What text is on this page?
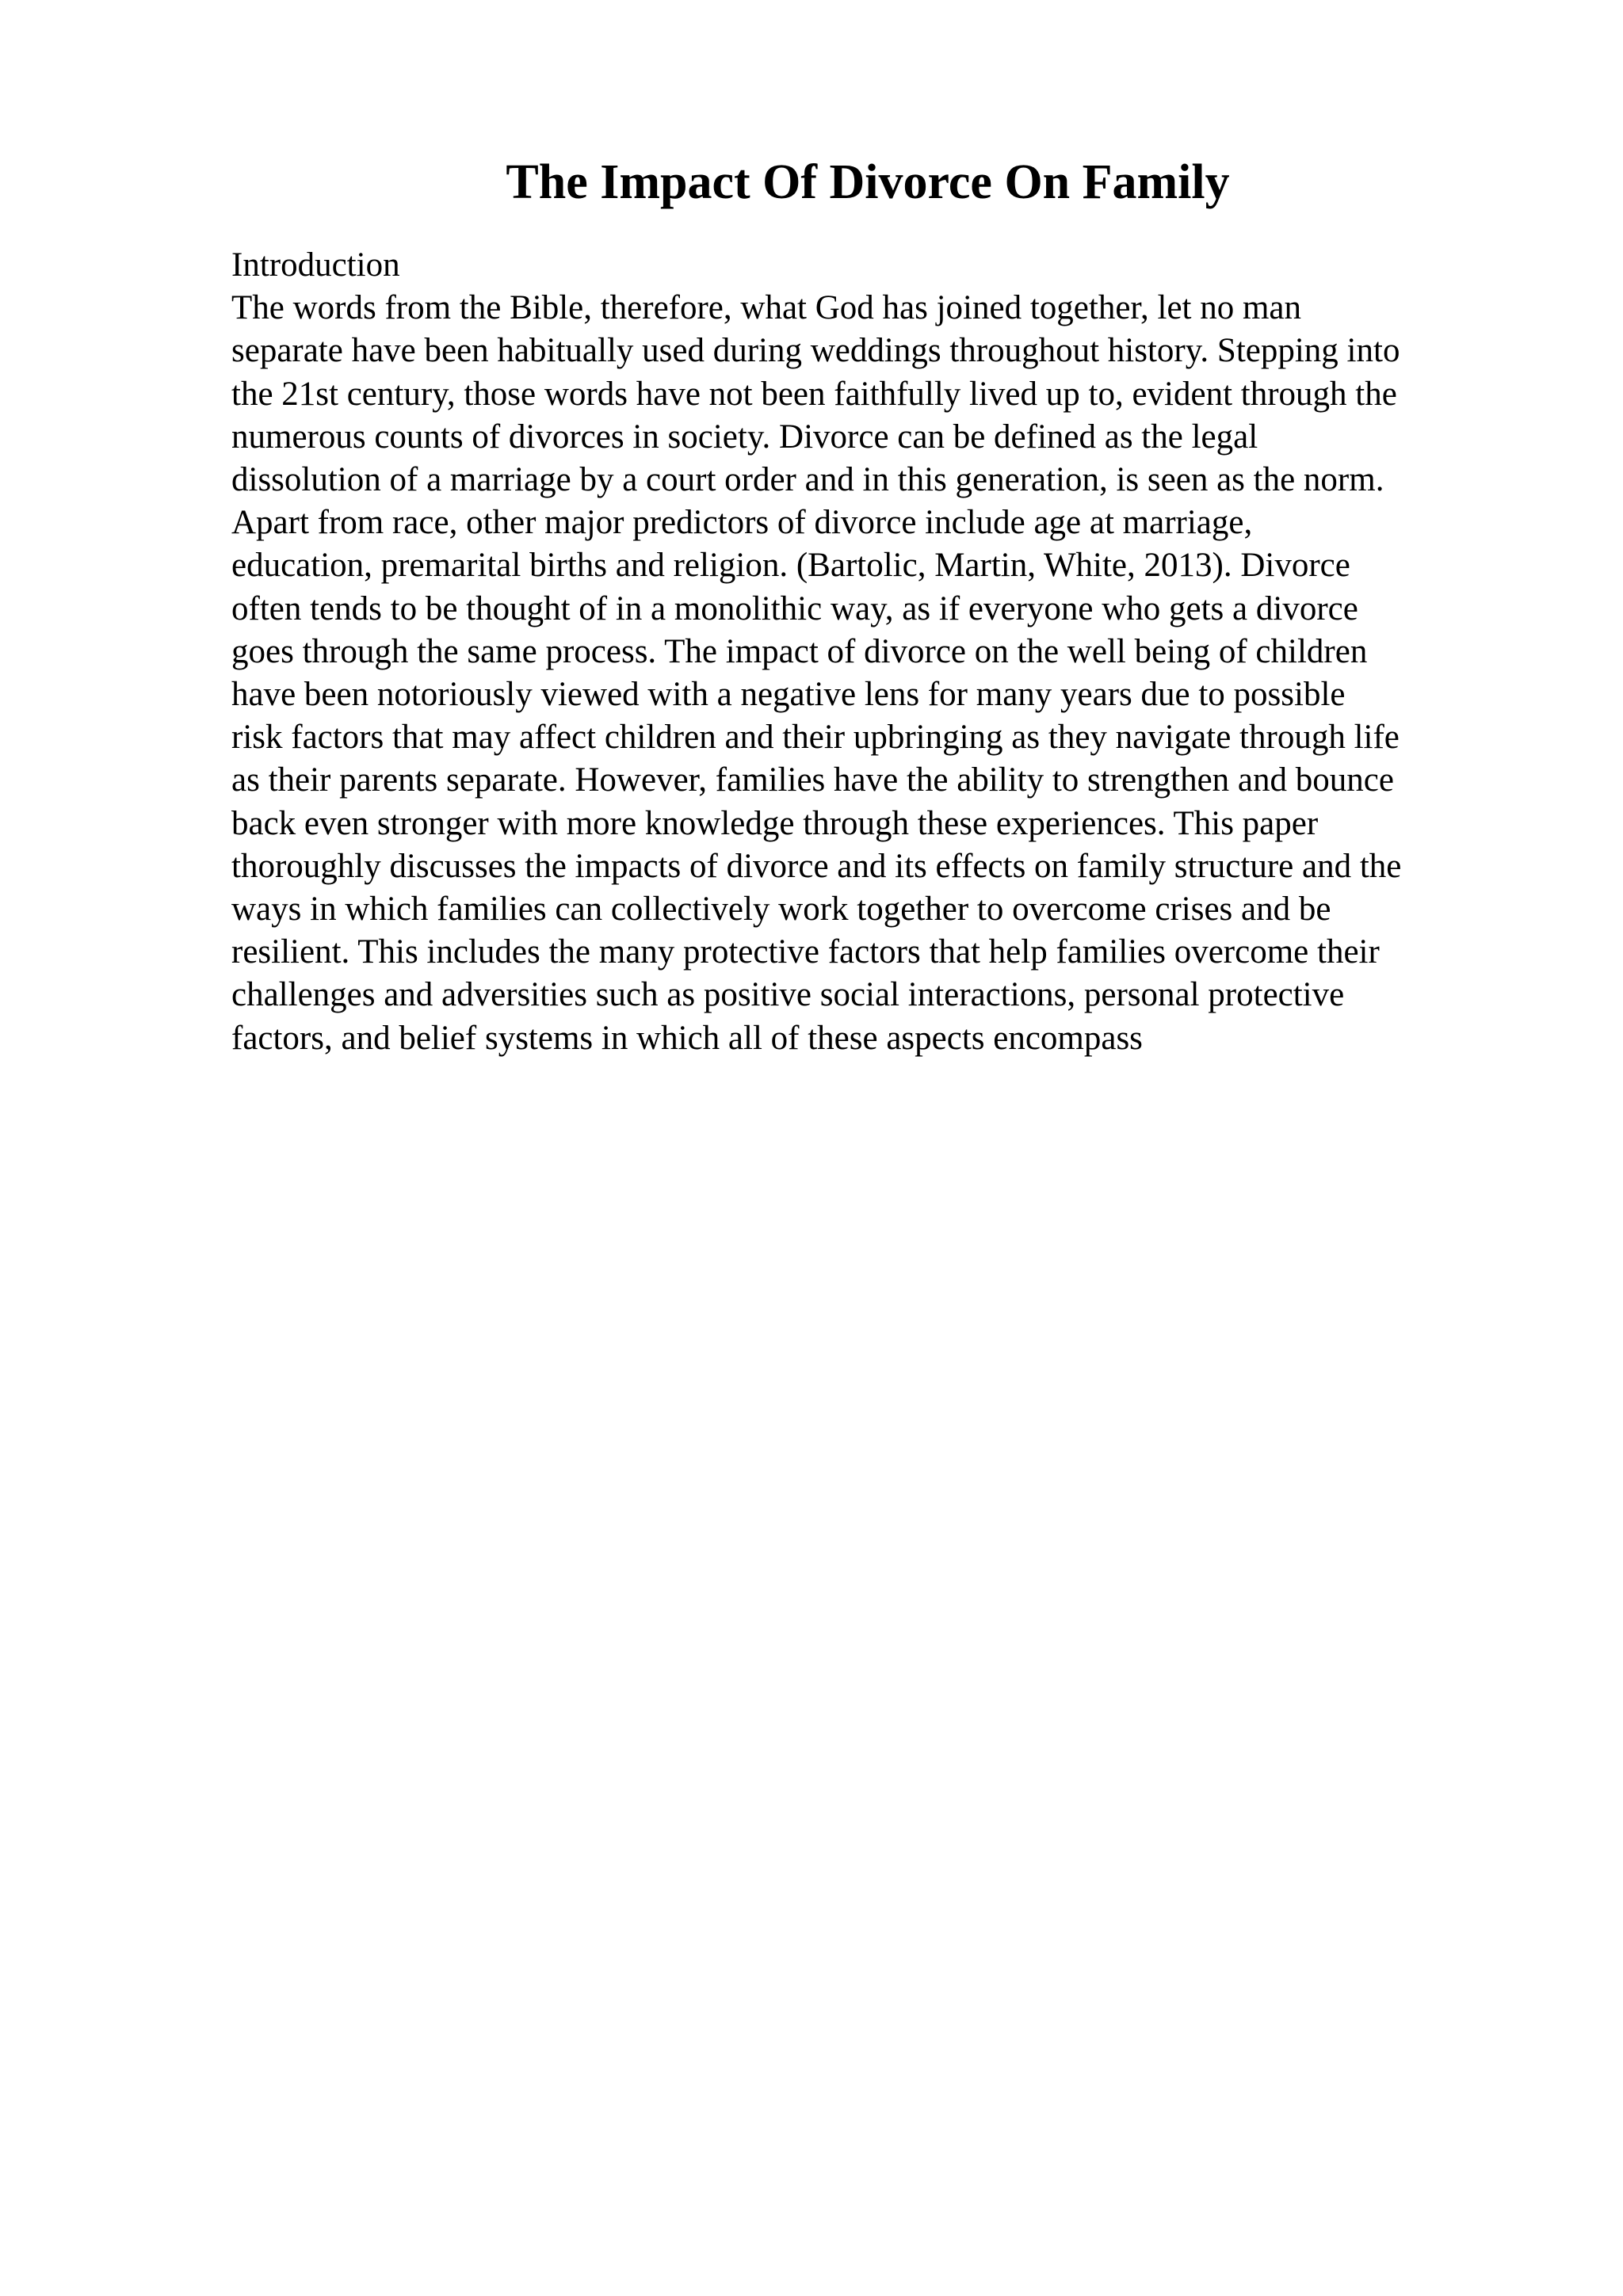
The Impact Of Divorce On Family
Introduction
The words from the Bible, therefore, what God has joined together, let no man
separate have been habitually used during weddings throughout history. Stepping into
the 21st century, those words have not been faithfully lived up to, evident through the
numerous counts of divorces in society. Divorce can be defined as the legal
dissolution of a marriage by a court order and in this generation, is seen as the norm.
Apart from race, other major predictors of divorce include age at marriage,
education, premarital births and religion. (Bartolic, Martin, White, 2013). Divorce
often tends to be thought of in a monolithic way, as if everyone who gets a divorce
goes through the same process. The impact of divorce on the well being of children
have been notoriously viewed with a negative lens for many years due to possible
risk factors that may affect children and their upbringing as they navigate through life
as their parents separate. However, families have the ability to strengthen and bounce
back even stronger with more knowledge through these experiences. This paper
thoroughly discusses the impacts of divorce and its effects on family structure and the
ways in which families can collectively work together to overcome crises and be
resilient. This includes the many protective factors that help families overcome their
challenges and adversities such as positive social interactions, personal protective
factors, and belief systems in which all of these aspects encompass
